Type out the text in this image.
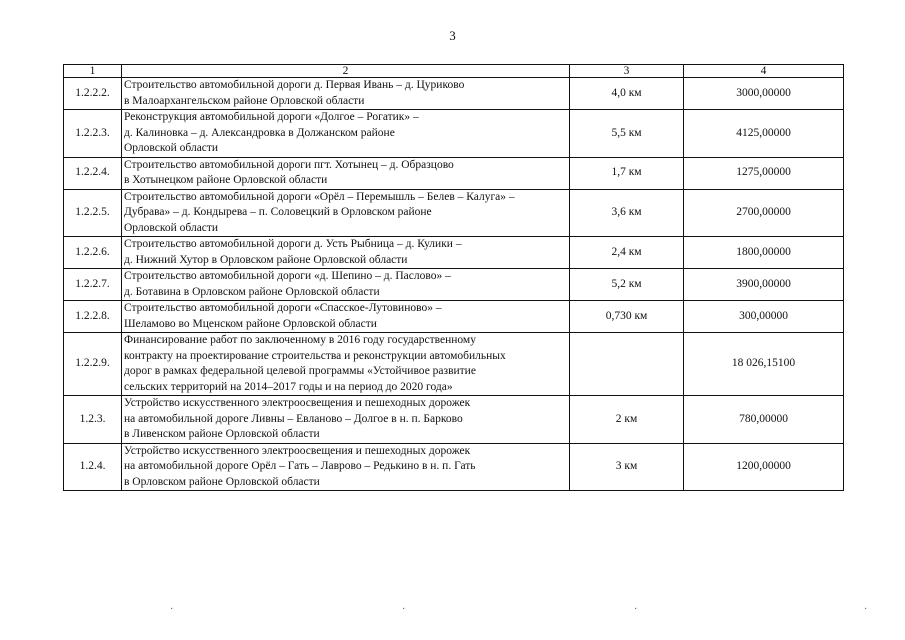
3
1	2	3	4
1.2.2.2.	Строительство автомобильной дороги д. Первая Ивань – д. Цуриково
в Малоархангельском районе Орловской области	4,0 км	3000,00000
1.2.2.3.	Реконструкция автомобильной дороги «Долгое – Рогатик» –
д. Калиновка – д. Александровка в Должанском районе
Орловской области	5,5 км	4125,00000
1.2.2.4.	Строительство автомобильной дороги пгт. Хотынец – д. Образцово
в Хотынецком районе Орловской области	1,7 км	1275,00000
1.2.2.5.	Строительство автомобильной дороги «Орёл – Перемышль – Белев – Калуга» –
Дубрава» – д. Кондырева – п. Соловецкий в Орловском районе
Орловской области	3,6 км	2700,00000
1.2.2.6.	Строительство автомобильной дороги д. Усть Рыбница – д. Кулики –
д. Нижний Хутор в Орловском районе Орловской области	2,4 км	1800,00000
1.2.2.7.	Строительство автомобильной дороги «д. Шепино – д. Паслово» –
д. Ботавина в Орловском районе Орловской области	5,2 км	3900,00000
1.2.2.8.	Строительство автомобильной дороги «Спасское-Лутовиново» –
Шеламово во Мценском районе Орловской области	0,730 км	300,00000
1.2.2.9.	Финансирование работ по заключенному в 2016 году государственному
контракту на проектирование строительства и реконструкции автомобильных
дорог в рамках федеральной целевой программы «Устойчивое развитие
сельских территорий на 2014–2017 годы и на период до 2020 года»		18 026,15100
1.2.3.	Устройство искусственного электроосвещения и пешеходных дорожек
на автомобильной дороге Ливны – Евланово – Долгое в н. п. Барково
в Ливенском районе Орловской области	2 км	780,00000
1.2.4.	Устройство искусственного электроосвещения и пешеходных дорожек
на автомобильной дороге Орёл – Гать – Лаврово – Редькино в н. п. Гать
в Орловском районе Орловской области	3 км	1200,00000
·	·	·	·
